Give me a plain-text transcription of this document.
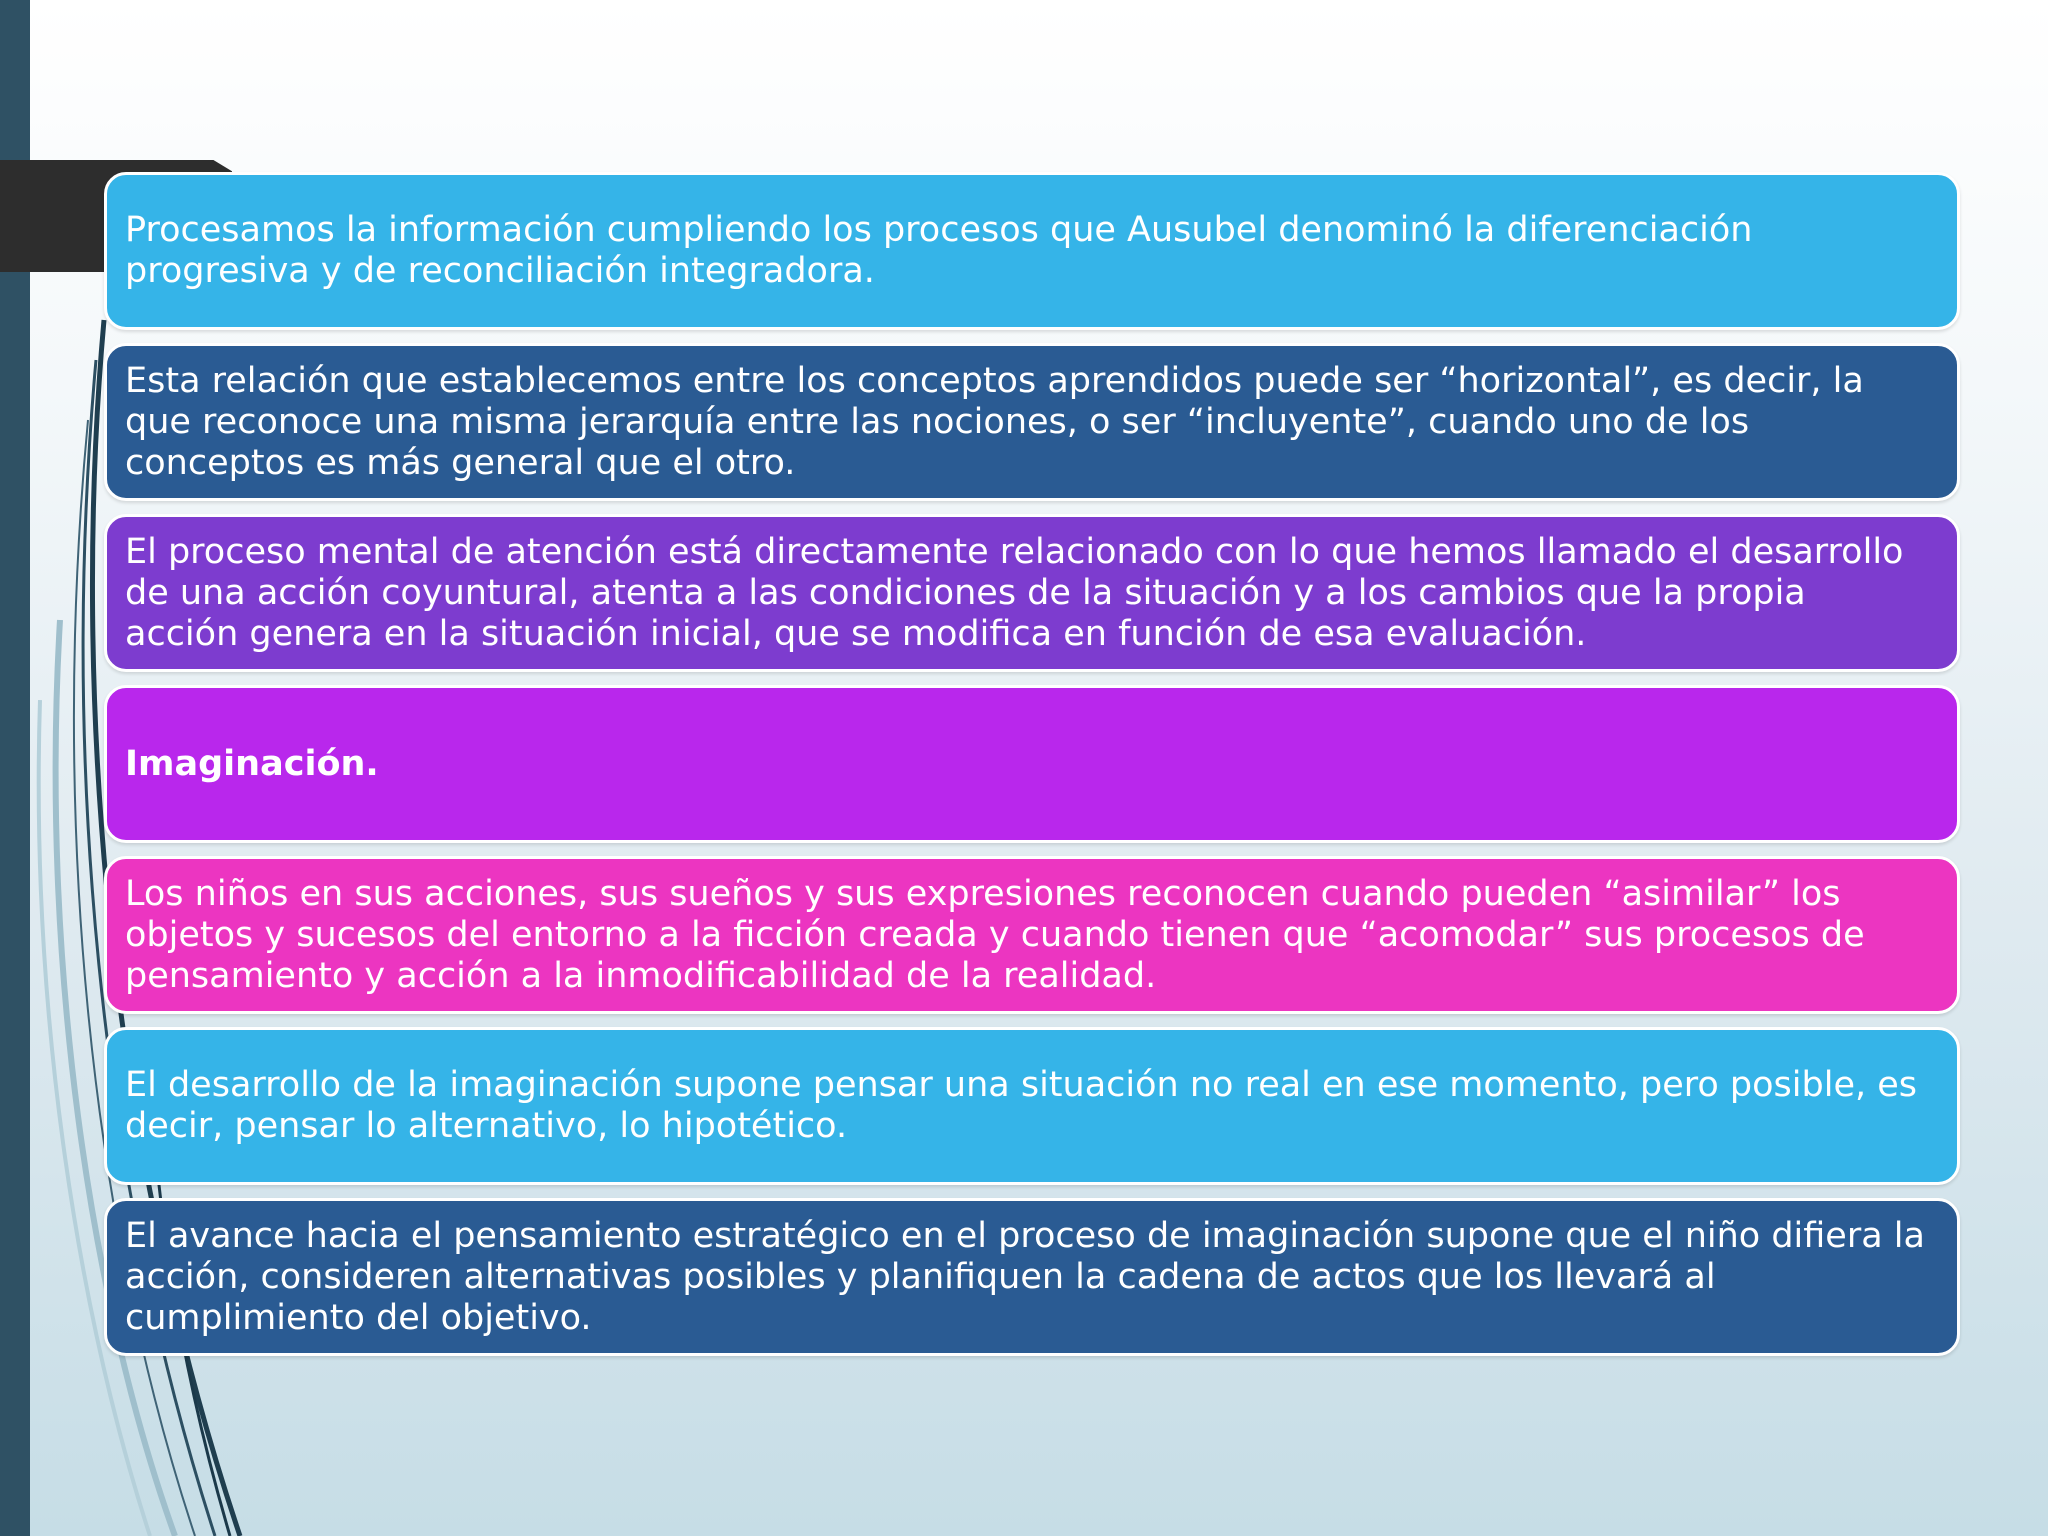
Procesamos la información cumpliendo los procesos que Ausubel denominó la diferenciación progresiva y de reconciliación integradora.
Esta relación que establecemos entre los conceptos aprendidos puede ser “horizontal”, es decir, la que reconoce una misma jerarquía entre las nociones, o ser “incluyente”, cuando uno de los conceptos es más general que el otro.
El proceso mental de atención está directamente relacionado con lo que hemos llamado el desarrollo de una acción coyuntural, atenta a las condiciones de la situación y a los cambios que la propia acción genera en la situación inicial, que se modifica en función de esa evaluación.
Imaginación.
Los niños en sus acciones, sus sueños y sus expresiones reconocen cuando pueden “asimilar” los objetos y sucesos del entorno a la ficción creada y cuando tienen que “acomodar” sus procesos de pensamiento y acción a la inmodificabilidad de la realidad.
El desarrollo de la imaginación supone pensar una situación no real en ese momento, pero posible, es decir, pensar lo alternativo, lo hipotético.
El avance hacia el pensamiento estratégico en el proceso de imaginación supone que el niño difiera la acción, consideren alternativas posibles y planifiquen la cadena de actos que los llevará al cumplimiento del objetivo.
